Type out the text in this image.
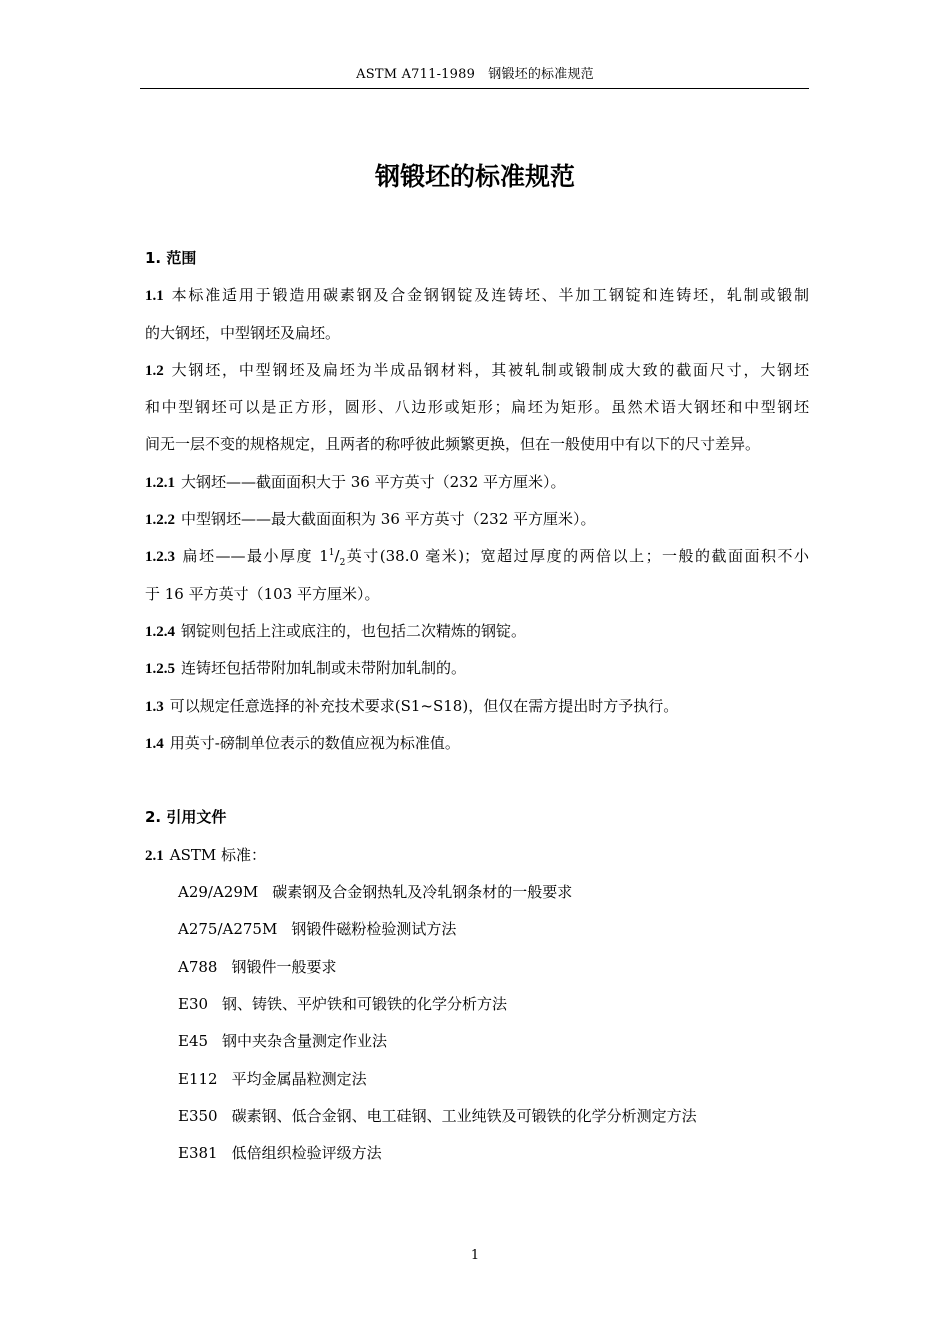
ASTM A711-1989　钢锻坯的标准规范
钢锻坯的标准规范
1. 范围
1.1 本标准适用于锻造用碳素钢及合金钢钢锭及连铸坯、半加工钢锭和连铸坯，轧制或锻制
的大钢坯，中型钢坯及扁坯。
1.2 大钢坯，中型钢坯及扁坯为半成品钢材料，其被轧制或锻制成大致的截面尺寸，大钢坯
和中型钢坯可以是正方形，圆形、八边形或矩形；扁坯为矩形。虽然术语大钢坯和中型钢坯
间无一层不变的规格规定，且两者的称呼彼此频繁更换，但在一般使用中有以下的尺寸差异。
1.2.1 大钢坯——截面面积大于 36 平方英寸（232 平方厘米）。
1.2.2 中型钢坯——最大截面面积为 36 平方英寸（232 平方厘米）。
1.2.3 扁坯——最小厚度 $1^1/_2$英寸(38.0 毫米)；宽超过厚度的两倍以上；一般的截面面积不小
于 16 平方英寸（103 平方厘米）。
1.2.4 钢锭则包括上注或底注的，也包括二次精炼的钢锭。
1.2.5 连铸坯包括带附加轧制或未带附加轧制的。
1.3 可以规定任意选择的补充技术要求(S1~S18)，但仅在需方提出时方予执行。
1.4 用英寸-磅制单位表示的数值应视为标准值。
2. 引用文件
2.1 ASTM 标准：
A29/A29M 碳素钢及合金钢热轧及冷轧钢条材的一般要求
A275/A275M 钢锻件磁粉检验测试方法
A788 钢锻件一般要求
E30 钢、铸铁、平炉铁和可锻铁的化学分析方法
E45 钢中夹杂含量测定作业法
E112 平均金属晶粒测定法
E350 碳素钢、低合金钢、电工硅钢、工业纯铁及可锻铁的化学分析测定方法
E381 低倍组织检验评级方法
1
